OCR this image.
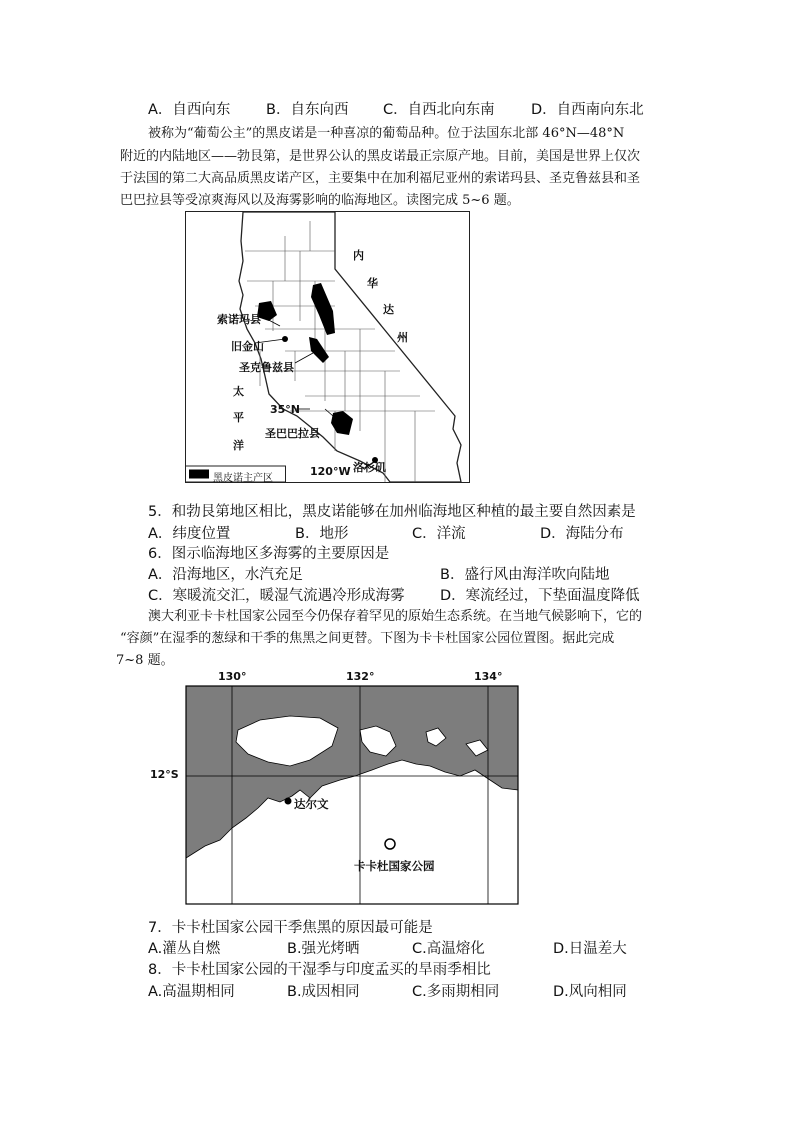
A．自西向东 B．自东向西 C．自西北向东南	D．自西南向东北
被称为“葡萄公主”的黑皮诺是一种喜凉的葡萄品种。位于法国东北部 46°N—48°N
附近的内陆地区——勃艮第，是世界公认的黑皮诺最正宗原产地。目前，美国是世界上仅次
于法国的第二大高品质黑皮诺产区，主要集中在加利福尼亚州的索诺玛县、圣克鲁兹县和圣
巴巴拉县等受凉爽海风以及海雾影响的临海地区。读图完成 5~6 题。
内
华
达
州
太
平
洋
索诺玛县
旧金山
圣克鲁兹县
35°N
圣巴巴拉县
120°W 洛杉矶
黑皮诺主产区
5．和勃艮第地区相比，黑皮诺能够在加州临海地区种植的最主要自然因素是
A．纬度位置	B．地形	C．洋流	D．海陆分布
6．图示临海地区多海雾的主要原因是
A．沿海地区，水汽充足	B．盛行风由海洋吹向陆地
C．寒暖流交汇，暖湿气流遇冷形成海雾 D．寒流经过，下垫面温度降低
澳大利亚卡卡杜国家公园至今仍保存着罕见的原始生态系统。在当地气候影响下，它的
“容颜”在湿季的葱绿和干季的焦黑之间更替。下图为卡卡杜国家公园位置图。据此完成
7~8 题。
130°	132°	134°
12°S
达尔文
卡卡杜国家公园
7．卡卡杜国家公园干季焦黑的原因最可能是
A.灌丛自燃	B.强光烤晒	C.高温熔化	D.日温差大
8．卡卡杜国家公园的干湿季与印度孟买的旱雨季相比
A.高温期相同	B.成因相同	C.多雨期相同	D.风向相同
